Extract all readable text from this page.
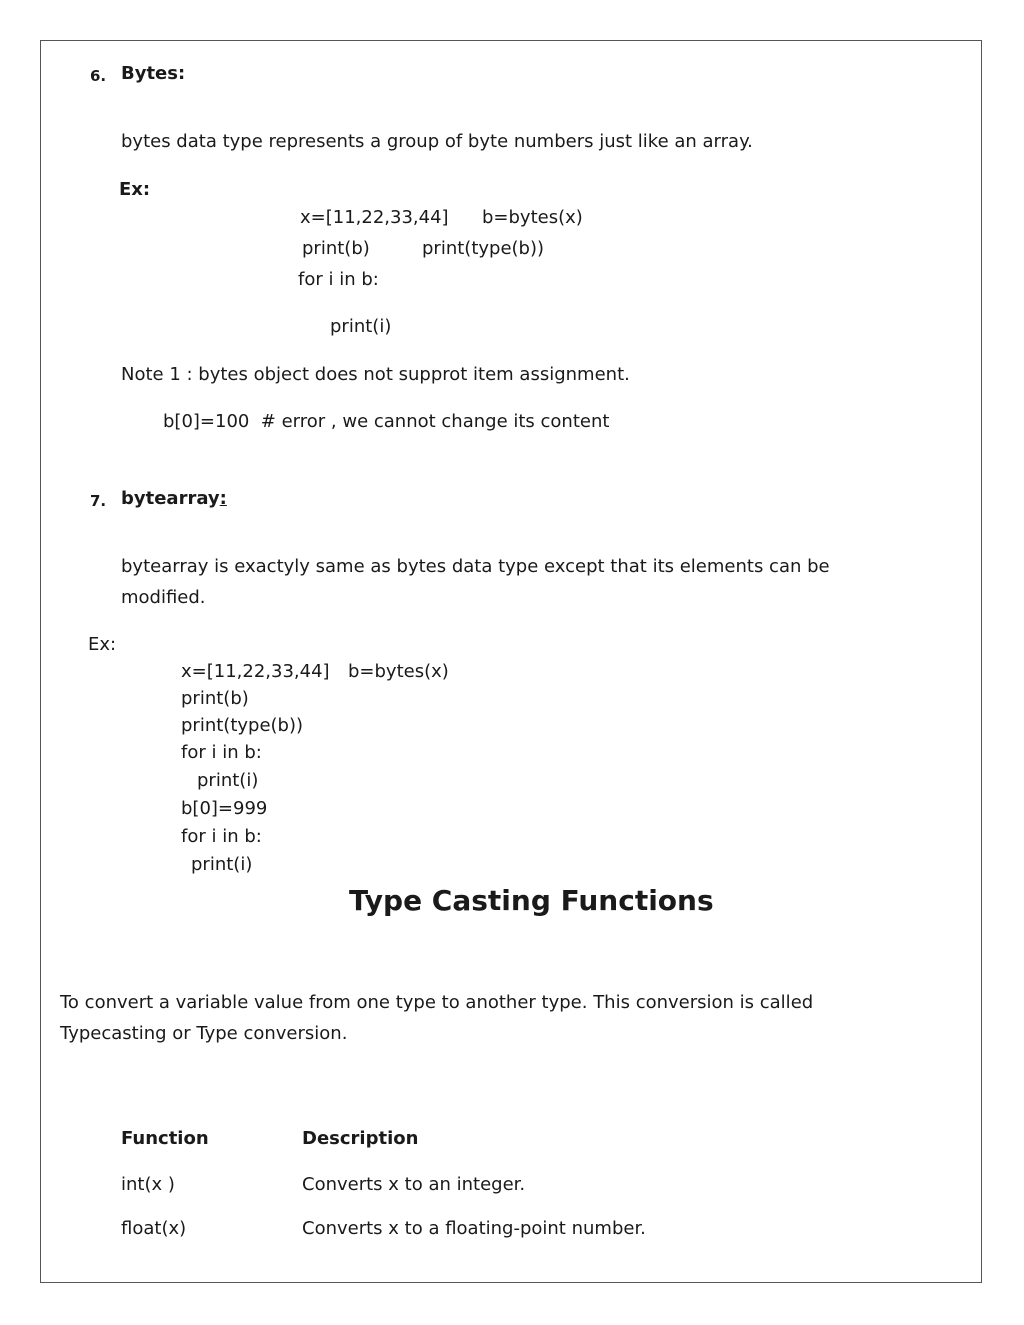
6. Bytes:
bytes data type represents a group of byte numbers just like an array.
Ex:
x=[11,22,33,44] b=bytes(x)
print(b)	print(type(b))
for i in b:
print(i)
Note 1 : bytes object does not supprot item assignment.
b[0]=100  # error , we cannot change its content
7. bytearray:
bytearray is exactyly same as bytes data type except that its elements can be
modified.
Ex:
x=[11,22,33,44] b=bytes(x)
print(b)
print(type(b))
for i in b:
print(i)
b[0]=999
for i in b:
print(i)
Type Casting Functions
To convert a variable value from one type to another type. This conversion is called
Typecasting or Type conversion.
Function	Description
int(x )	Converts x to an integer.
float(x)	Converts x to a floating-point number.
